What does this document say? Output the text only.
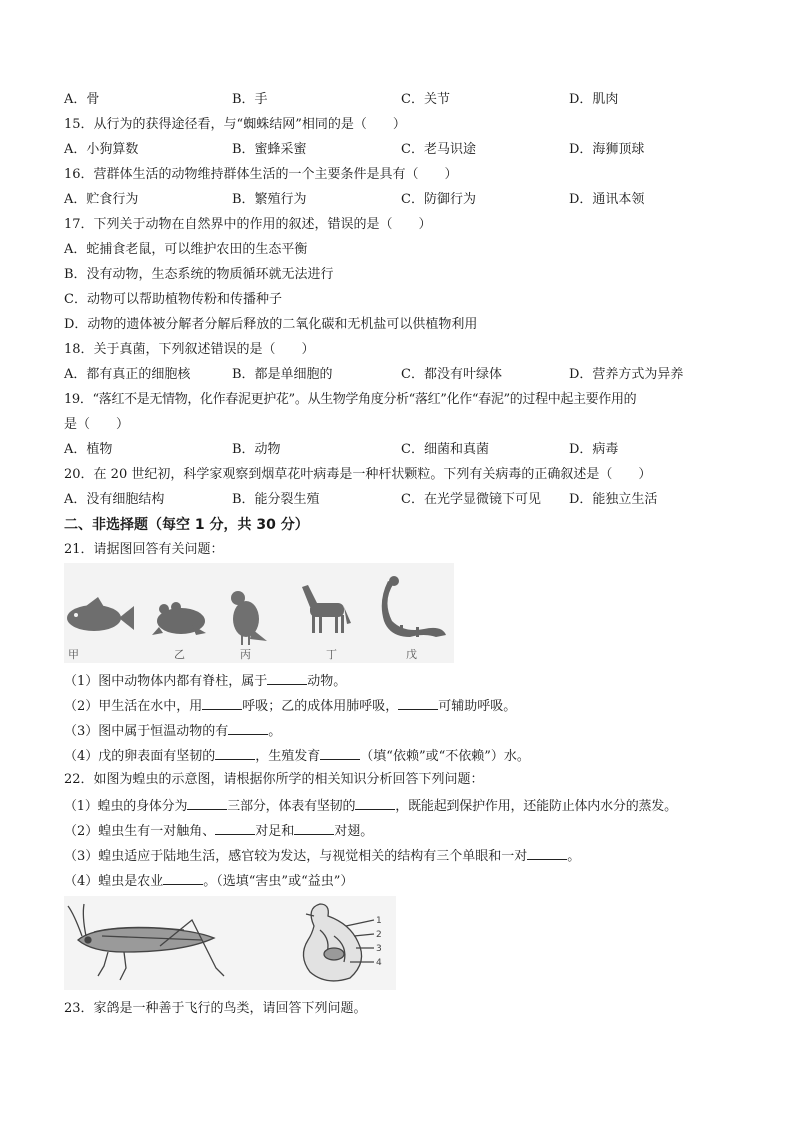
A．骨	B．手	C．关节	D．肌肉
15．从行为的获得途径看，与“蜘蛛结网”相同的是（　　）
A．小狗算数	B．蜜蜂采蜜	C．老马识途	D．海狮顶球
16．营群体生活的动物维持群体生活的一个主要条件是具有（　　）
A．贮食行为	B．繁殖行为	C．防御行为	D．通讯本领
17．下列关于动物在自然界中的作用的叙述，错误的是（　　）
A．蛇捕食老鼠，可以维护农田的生态平衡
B．没有动物，生态系统的物质循环就无法进行
C．动物可以帮助植物传粉和传播种子
D．动物的遗体被分解者分解后释放的二氧化碳和无机盐可以供植物利用
18．关于真菌，下列叙述错误的是（　　）
A．都有真正的细胞核	B．都是单细胞的	C．都没有叶绿体	D．营养方式为异养
19．“落红不是无情物，化作春泥更护花”。从生物学角度分析“落红”化作“春泥”的过程中起主要作用的
是（　　）
A．植物	B．动物	C．细菌和真菌	D．病毒
20．在 20 世纪初，科学家观察到烟草花叶病毒是一种杆状颗粒。下列有关病毒的正确叙述是（　　）
A．没有细胞结构	B．能分裂生殖	C．在光学显微镜下可见 D．能独立生活
二、非选择题（每空 1 分，共 30 分）
21．请据图回答有关问题：
甲	乙	丙	丁	戊
（1）图中动物体内都有脊柱，属于	动物。
（2）甲生活在水中，用	呼吸；乙的成体用肺呼吸，	可辅助呼吸。
（3）图中属于恒温动物的有	。
（4）戊的卵表面有坚韧的	，生殖发育	（填“依赖”或“不依赖”）水。
22．如图为蝗虫的示意图，请根据你所学的相关知识分析回答下列问题：
（1）蝗虫的身体分为	三部分，体表有坚韧的	，既能起到保护作用，还能防止体内水分的蒸发。
（2）蝗虫生有一对触角、	对足和	对翅。
（3）蝗虫适应于陆地生活，感官较为发达，与视觉相关的结构有三个单眼和一对	。
（4）蝗虫是农业	。（选填“害虫”或“益虫”）
1
2
3
4
23．家鸽是一种善于飞行的鸟类，请回答下列问题。
